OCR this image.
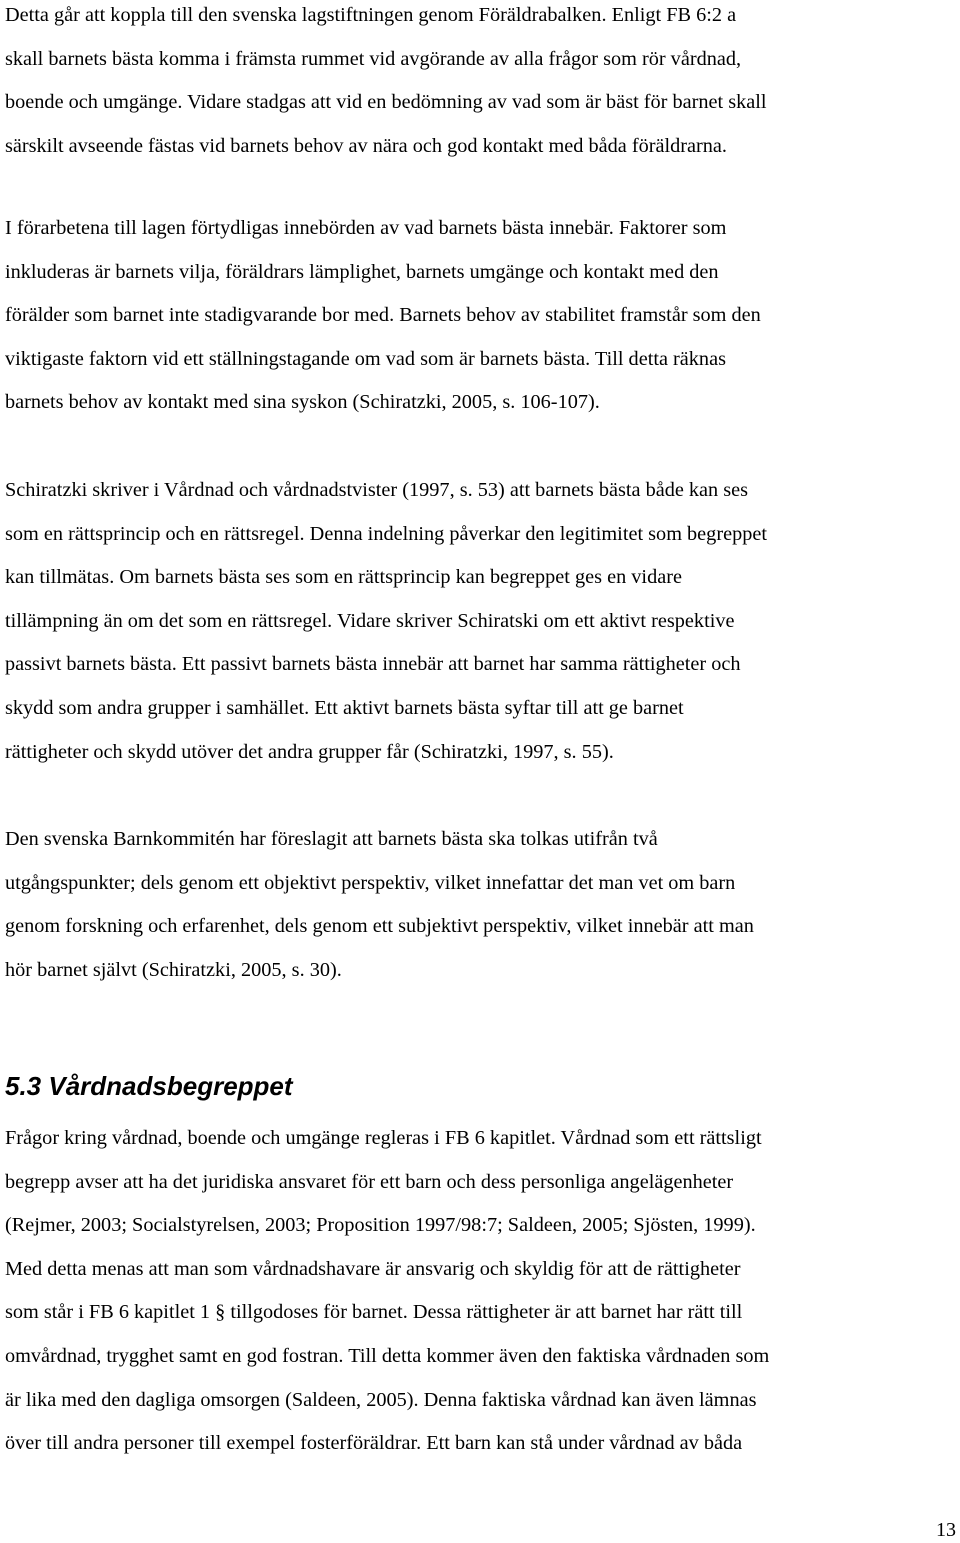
Detta går att koppla till den svenska lagstiftningen genom Föräldrabalken. Enligt FB 6:2 a
skall barnets bästa komma i främsta rummet vid avgörande av alla frågor som rör vårdnad,
boende och umgänge. Vidare stadgas att vid en bedömning av vad som är bäst för barnet skall
särskilt avseende fästas vid barnets behov av nära och god kontakt med båda föräldrarna.

I förarbetena till lagen förtydligas innebörden av vad barnets bästa innebär. Faktorer som
inkluderas är barnets vilja, föräldrars lämplighet, barnets umgänge och kontakt med den
förälder som barnet inte stadigvarande bor med. Barnets behov av stabilitet framstår som den
viktigaste faktorn vid ett ställningstagande om vad som är barnets bästa. Till detta räknas
barnets behov av kontakt med sina syskon (Schiratzki, 2005, s. 106-107).

Schiratzki skriver i Vårdnad och vårdnadstvister (1997, s. 53) att barnets bästa både kan ses
som en rättsprincip och en rättsregel. Denna indelning påverkar den legitimitet som begreppet
kan tillmätas. Om barnets bästa ses som en rättsprincip kan begreppet ges en vidare
tillämpning än om det som en rättsregel. Vidare skriver Schiratski om ett aktivt respektive
passivt barnets bästa. Ett passivt barnets bästa innebär att barnet har samma rättigheter och
skydd som andra grupper i samhället. Ett aktivt barnets bästa syftar till att ge barnet
rättigheter och skydd utöver det andra grupper får (Schiratzki, 1997, s. 55).

Den svenska Barnkommitén har föreslagit att barnets bästa ska tolkas utifrån två
utgångspunkter; dels genom ett objektivt perspektiv, vilket innefattar det man vet om barn
genom forskning och erfarenhet, dels genom ett subjektivt perspektiv, vilket innebär att man
hör barnet självt (Schiratzki, 2005, s. 30).

5.3 Vårdnadsbegreppet

Frågor kring vårdnad, boende och umgänge regleras i FB 6 kapitlet. Vårdnad som ett rättsligt
begrepp avser att ha det juridiska ansvaret för ett barn och dess personliga angelägenheter
(Rejmer, 2003; Socialstyrelsen, 2003; Proposition 1997/98:7; Saldeen, 2005; Sjösten, 1999).
Med detta menas att man som vårdnadshavare är ansvarig och skyldig för att de rättigheter
som står i FB 6 kapitlet 1 § tillgodoses för barnet. Dessa rättigheter är att barnet har rätt till
omvårdnad, trygghet samt en god fostran. Till detta kommer även den faktiska vårdnaden som
är lika med den dagliga omsorgen (Saldeen, 2005). Denna faktiska vårdnad kan även lämnas
över till andra personer till exempel fosterföräldrar. Ett barn kan stå under vårdnad av båda

13
